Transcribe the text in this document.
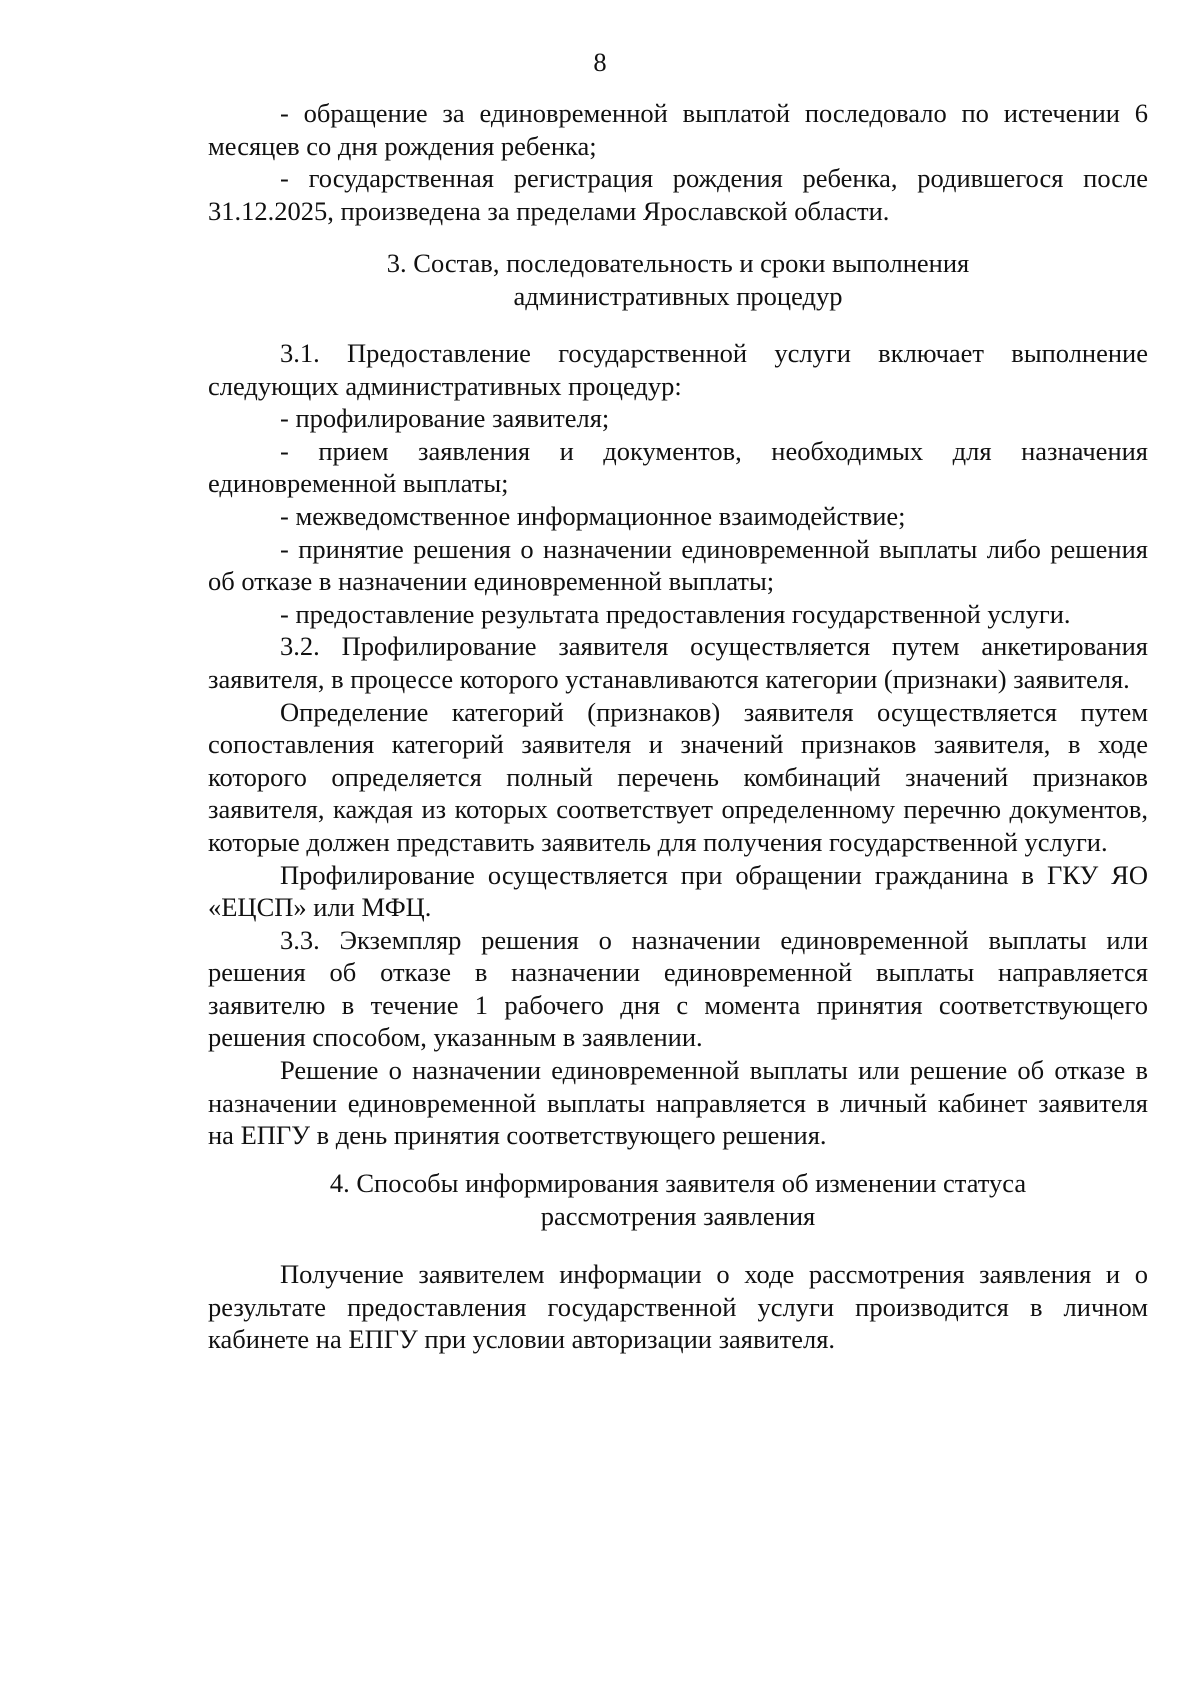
8

- обращение за единовременной выплатой последовало по истечении 6 месяцев со дня рождения ребенка;

- государственная регистрация рождения ребенка, родившегося после 31.12.2025, произведена за пределами Ярославской области.

3. Состав, последовательность и сроки выполнения
административных процедур

3.1. Предоставление государственной услуги включает выполнение следующих административных процедур:

- профилирование заявителя;

- прием заявления и документов, необходимых для назначения единовременной выплаты;

- межведомственное информационное взаимодействие;

- принятие решения о назначении единовременной выплаты либо решения об отказе в назначении единовременной выплаты;

- предоставление результата предоставления государственной услуги.

3.2. Профилирование заявителя осуществляется путем анкетирования заявителя, в процессе которого устанавливаются категории (признаки) заявителя.

Определение категорий (признаков) заявителя осуществляется путем сопоставления категорий заявителя и значений признаков заявителя, в ходе которого определяется полный перечень комбинаций значений признаков заявителя, каждая из которых соответствует определенному перечню документов, которые должен представить заявитель для получения государственной услуги.

Профилирование осуществляется при обращении гражданина в ГКУ ЯО «ЕЦСП» или МФЦ.

3.3. Экземпляр решения о назначении единовременной выплаты или решения об отказе в назначении единовременной выплаты направляется заявителю в течение 1 рабочего дня с момента принятия соответствующего решения способом, указанным в заявлении.

Решение о назначении единовременной выплаты или решение об отказе в назначении единовременной выплаты направляется в личный кабинет заявителя на ЕПГУ в день принятия соответствующего решения.

4. Способы информирования заявителя об изменении статуса
рассмотрения заявления

Получение заявителем информации о ходе рассмотрения заявления и о результате предоставления государственной услуги производится в личном кабинете на ЕПГУ при условии авторизации заявителя.
